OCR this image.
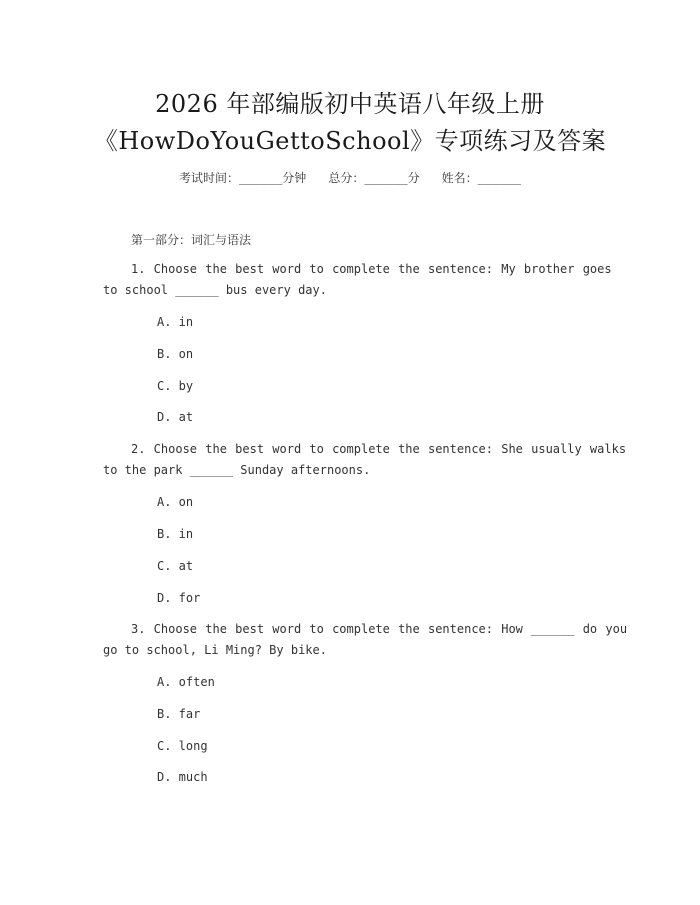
2026 年部编版初中英语八年级上册
《HowDoYouGettoSchool》专项练习及答案
考试时间：______分钟 总分：______分 姓名：______
第一部分：词汇与语法
1. Choose the best word to complete the sentence: My brother goes
to school ______ bus every day.
A. in
B. on
C. by
D. at
2. Choose the best word to complete the sentence: She usually walks
to the park ______ Sunday afternoons.
A. on
B. in
C. at
D. for
3. Choose the best word to complete the sentence: How ______ do you
go to school, Li Ming? By bike.
A. often
B. far
C. long
D. much
